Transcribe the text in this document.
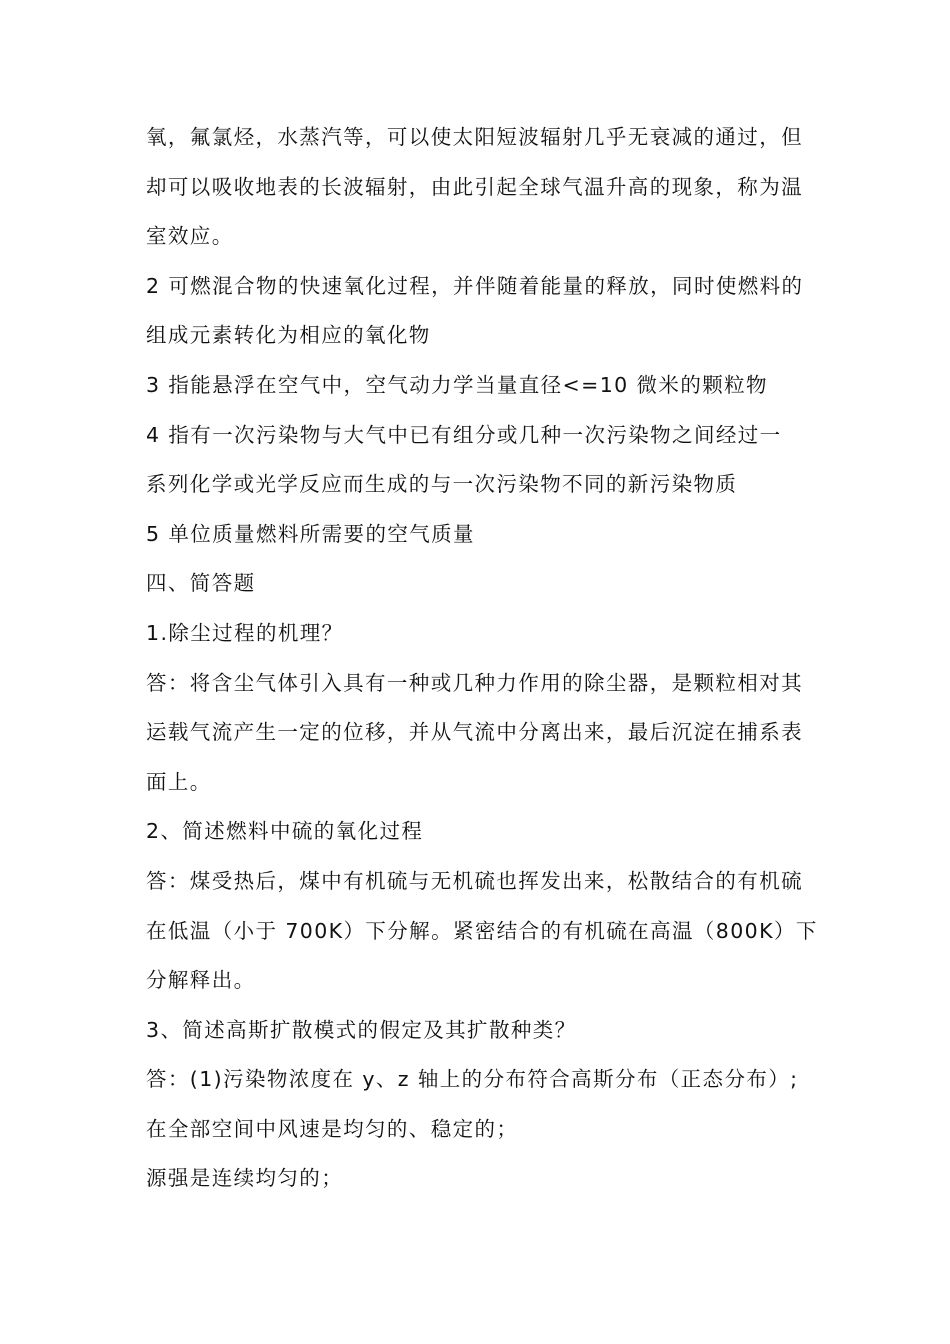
氧，氟氯烃，水蒸汽等，可以使太阳短波辐射几乎无衰减的通过，但
却可以吸收地表的长波辐射，由此引起全球气温升高的现象，称为温
室效应。
2 可燃混合物的快速氧化过程，并伴随着能量的释放，同时使燃料的
组成元素转化为相应的氧化物
3 指能悬浮在空气中，空气动力学当量直径<=10 微米的颗粒物
4 指有一次污染物与大气中已有组分或几种一次污染物之间经过一
系列化学或光学反应而生成的与一次污染物不同的新污染物质
5 单位质量燃料所需要的空气质量
四、简答题
1.除尘过程的机理？
答：将含尘气体引入具有一种或几种力作用的除尘器，是颗粒相对其
运载气流产生一定的位移，并从气流中分离出来，最后沉淀在捕系表
面上。
2、简述燃料中硫的氧化过程
答：煤受热后，煤中有机硫与无机硫也挥发出来，松散结合的有机硫
在低温（小于 700K）下分解。紧密结合的有机硫在高温（800K）下
分解释出。
3、简述高斯扩散模式的假定及其扩散种类？
答：(1)污染物浓度在 y、z 轴上的分布符合高斯分布（正态分布）;
在全部空间中风速是均匀的、稳定的；
源强是连续均匀的；
